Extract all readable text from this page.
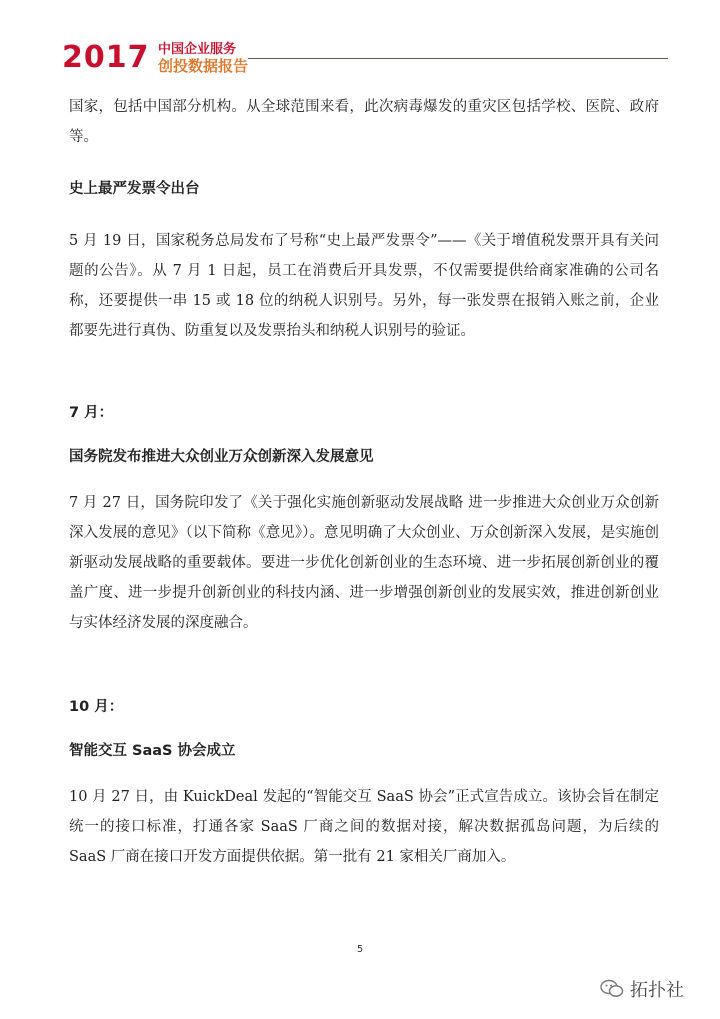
2017 中国企业服务
创投数据报告

国家，包括中国部分机构。从全球范围来看，此次病毒爆发的重灾区包括学校、医院、政府等。

史上最严发票令出台

5 月 19 日，国家税务总局发布了号称“史上最严发票令”——《关于增值税发票开具有关问题的公告》。从 7 月 1 日起，员工在消费后开具发票，不仅需要提供给商家准确的公司名称，还要提供一串 15 或 18 位的纳税人识别号。另外，每一张发票在报销入账之前，企业都要先进行真伪、防重复以及发票抬头和纳税人识别号的验证。

7 月：

国务院发布推进大众创业万众创新深入发展意见

7 月 27 日，国务院印发了《关于强化实施创新驱动发展战略 进一步推进大众创业万众创新深入发展的意见》（以下简称《意见》）。意见明确了大众创业、万众创新深入发展，是实施创新驱动发展战略的重要载体。要进一步优化创新创业的生态环境、进一步拓展创新创业的覆盖广度、进一步提升创新创业的科技内涵、进一步增强创新创业的发展实效，推进创新创业与实体经济发展的深度融合。

10 月：

智能交互 SaaS 协会成立

10 月 27 日，由 KuickDeal 发起的“智能交互 SaaS 协会”正式宣告成立。该协会旨在制定统一的接口标准，打通各家 SaaS 厂商之间的数据对接，解决数据孤岛问题，为后续的 SaaS 厂商在接口开发方面提供依据。第一批有 21 家相关厂商加入。

5
拓扑社
